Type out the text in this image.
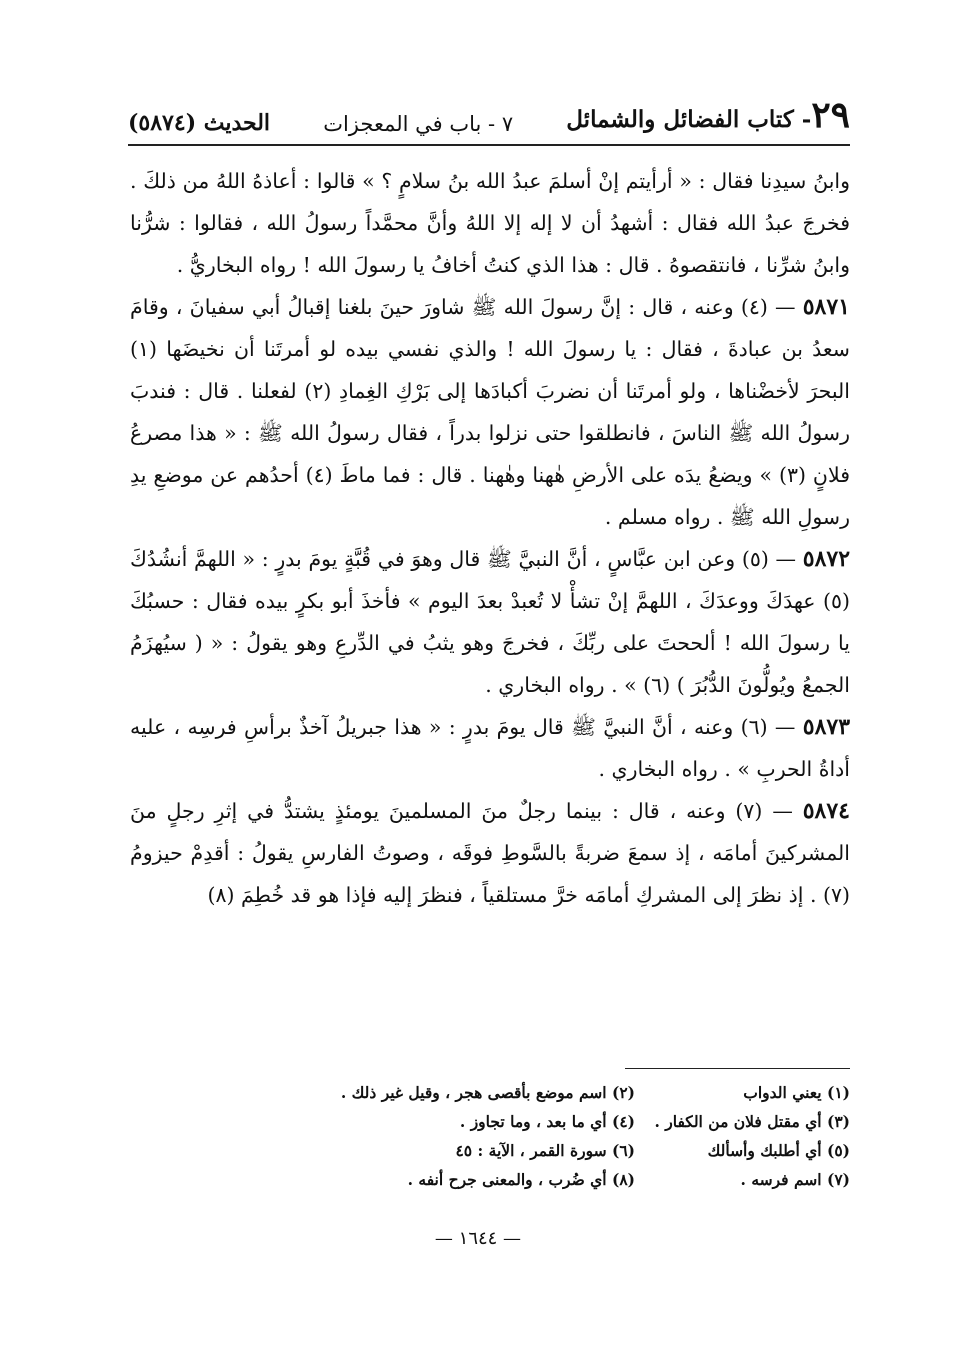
٢٩- كتاب الفضائل والشمائل
٧ - باب في المعجزات
الحديث (٥٨٧٤)

وابنُ سيدِنا فقال : « أرأيتم إنْ أسلمَ عبدُ الله بنُ سلامٍ ؟ » قالوا : أعاذهُ اللهُ من ذلكَ . فخرجَ عبدُ الله فقال : أشهدُ أن لا إله إلا اللهُ وأنَّ محمَّداً رسولُ الله ، فقالوا : شرُّنا وابنُ شرِّنا ، فانتقصوهُ . قال : هذا الذي كنتُ أخافُ يا رسولَ الله ! رواه البخاريُّ .

٥٨٧١ — (٤) وعنه ، قال : إنَّ رسولَ الله ﷺ شاورَ حينَ بلغنا إقبالُ أبي سفيانَ ، وقامَ سعدُ بن عبادةَ ، فقال : يا رسولَ الله ! والذي نفسي بيده لو أمرتَنا أن نخيضَها (١) البحرَ لأخضْناها ، ولو أمرتَنا أن نضربَ أكبادَها إلى بَرْكِ الغِمادِ (٢) لفعلنا . قال : فندبَ رسولُ الله ﷺ الناسَ ، فانطلقوا حتى نزلوا بدراً ، فقال رسولُ الله ﷺ : « هذا مصرعُ فلانٍ (٣) » ويضعُ يدَه على الأرضِ هٰهنا وهٰهنا . قال : فما ماطَ (٤) أحدُهم عن موضعِ يدِ رسولِ الله ﷺ . رواه مسلم .

٥٨٧٢ — (٥) وعن ابن عبَّاسٍ ، أنَّ النبيَّ ﷺ قال وهوَ في قُبَّةٍ يومَ بدرٍ : « اللهمَّ أنشُدُكَ (٥) عهدَكَ ووعدَكَ ، اللهمَّ إنْ تشأْ لا تُعبدْ بعدَ اليوم » فأخذَ أبو بكرٍ بيده فقال : حسبُكَ يا رسولَ الله ! ألححتَ على ربِّكَ ، فخرجَ وهو يثبُ في الدِّرعِ وهو يقولُ : « ( سيُهزَمُ الجمعُ ويُولُّونَ الدُّبُرَ ) (٦) » . رواه البخاري .

٥٨٧٣ — (٦) وعنه ، أنَّ النبيَّ ﷺ قال يومَ بدرٍ : « هذا جبريلُ آخذٌ برأسِ فرسِه ، عليه أداةُ الحربِ » . رواه البخاري .

٥٨٧٤ — (٧) وعنه ، قال : بينما رجلٌ منَ المسلمينَ يومئذٍ يشتدُّ في إثرِ رجلٍ منَ المشركينَ أمامَه ، إذ سمعَ ضربةً بالسَّوطِ فوقَه ، وصوتُ الفارسِ يقولُ : أقدِمْ حيزومُ (٧) . إذ نظرَ إلى المشركِ أمامَه خرَّ مستلقياً ، فنظرَ إليه فإذا هو قد خُطِمَ (٨)

(١) يعني الدواب
(٢) اسم موضع بأقصى هجر ، وقيل غير ذلك .
(٣) أي مقتل فلان من الكفار .
(٤) أي ما بعد ، وما تجاوز .
(٥) أي أطلبك وأسألك
(٦) سورة القمر ، الآية : ٤٥
(٧) اسم فرسه .
(٨) أي ضُرب ، والمعنى جرح أنفه .
— ١٦٤٤ —
